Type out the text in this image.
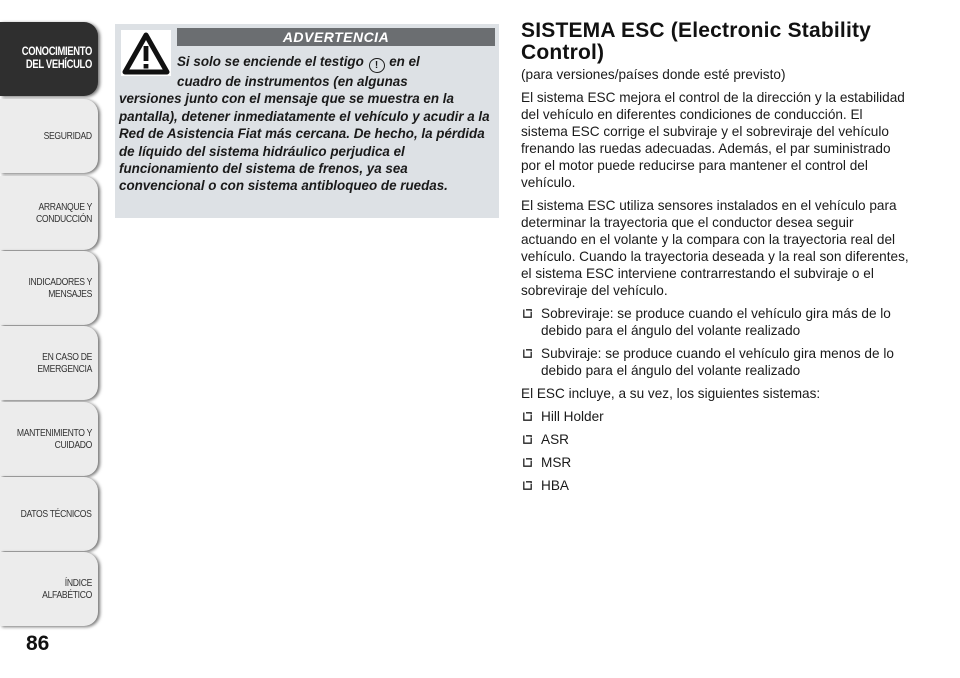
CONOCIMIENTO DEL VEHÍCULO
SEGURIDAD
ARRANQUE Y CONDUCCIÓN
INDICADORES Y MENSAJES
EN CASO DE EMERGENCIA
MANTENIMIENTO Y CUIDADO
DATOS TÉCNICOS
ÍNDICE ALFABÉTICO
86
ADVERTENCIA
Si solo se enciende el testigo ! en el
cuadro de instrumentos (en algunas
versiones junto con el mensaje que se muestra en la pantalla), detener inmediatamente el vehículo y acudir a la Red de Asistencia Fiat más cercana. De hecho, la pérdida de líquido del sistema hidráulico perjudica el funcionamiento del sistema de frenos, ya sea convencional o con sistema antibloqueo de ruedas.
SISTEMA ESC (Electronic Stability Control)
(para versiones/países donde esté previsto)
El sistema ESC mejora el control de la dirección y la estabilidad del vehículo en diferentes condiciones de conducción. El sistema ESC corrige el subviraje y el sobreviraje del vehículo frenando las ruedas adecuadas. Además, el par suministrado por el motor puede reducirse para mantener el control del vehículo.
El sistema ESC utiliza sensores instalados en el vehículo para determinar la trayectoria que el conductor desea seguir actuando en el volante y la compara con la trayectoria real del vehículo. Cuando la trayectoria deseada y la real son diferentes, el sistema ESC interviene contrarrestando el subviraje o el sobreviraje del vehículo.
Sobreviraje: se produce cuando el vehículo gira más de lo debido para el ángulo del volante realizado
Subviraje: se produce cuando el vehículo gira menos de lo debido para el ángulo del volante realizado
El ESC incluye, a su vez, los siguientes sistemas:
Hill Holder
ASR
MSR
HBA
